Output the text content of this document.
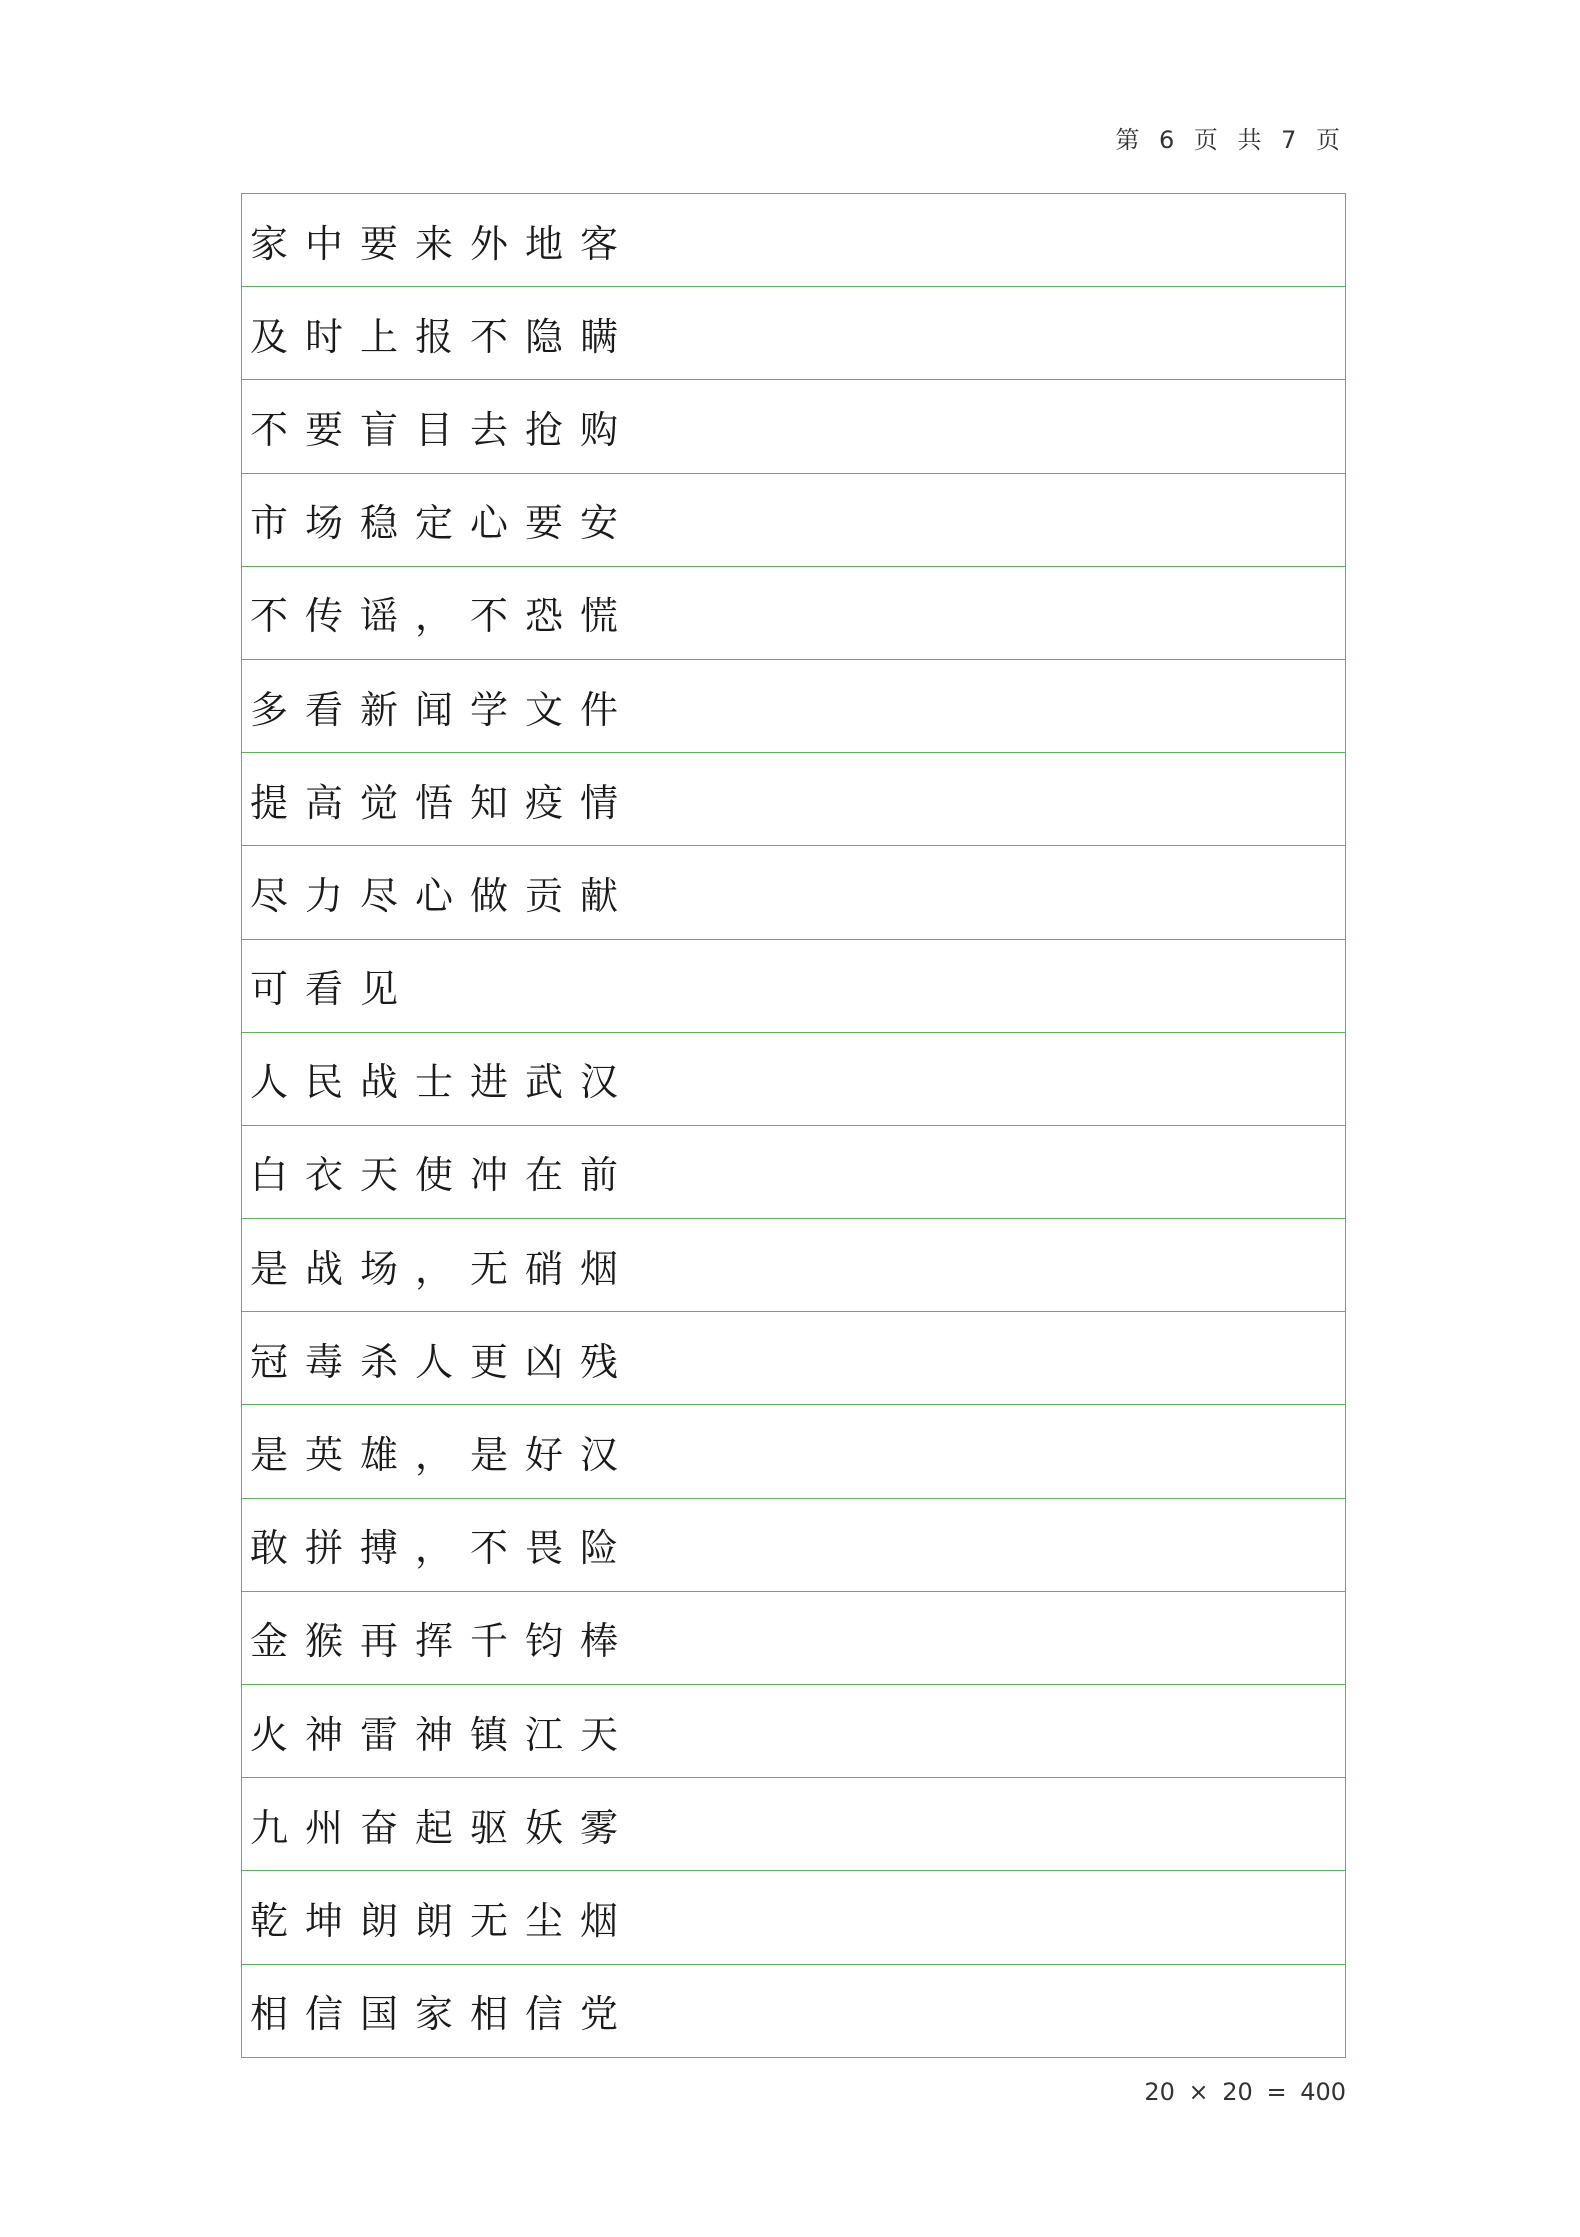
第 6 页 共 7 页
家中要来外地客
及时上报不隐瞒
不要盲目去抢购
市场稳定心要安
不传谣，不恐慌
多看新闻学文件
提高觉悟知疫情
尽力尽心做贡献
可看见
人民战士进武汉
白衣天使冲在前
是战场，无硝烟
冠毒杀人更凶残
是英雄，是好汉
敢拼搏，不畏险
金猴再挥千钧棒
火神雷神镇江天
九州奋起驱妖雾
乾坤朗朗无尘烟
相信国家相信党
20 × 20 = 400
